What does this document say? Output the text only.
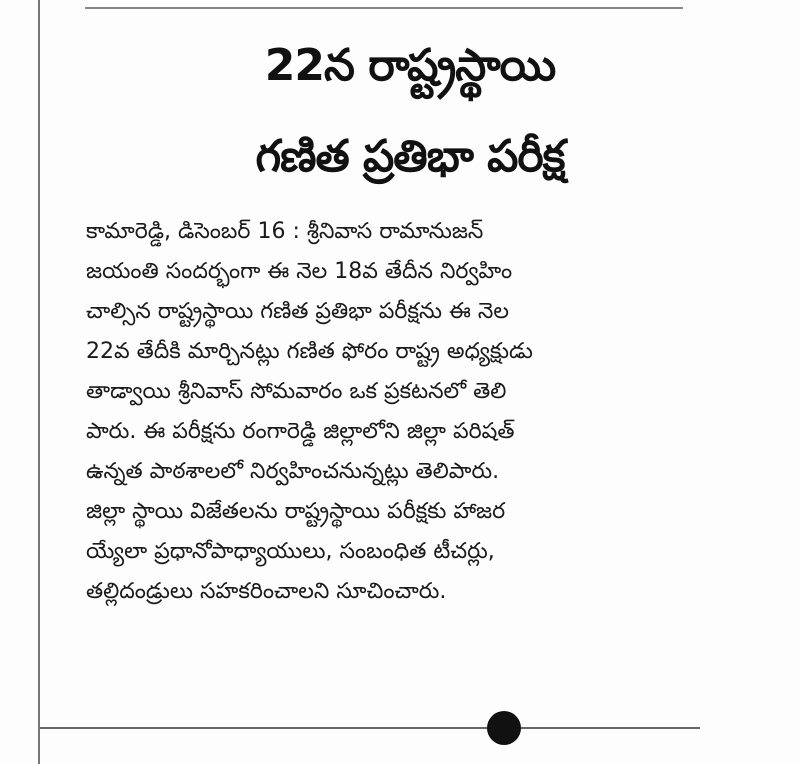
22న రాష్ట్రస్థాయి
గణిత ప్రతిభా పరీక్ష

కామారెడ్డి, డిసెంబర్ 16 : శ్రీనివాస రామానుజన్
జయంతి సందర్భంగా ఈ నెల 18వ తేదీన నిర్వహిం
చాల్సిన రాష్ట్రస్థాయి గణిత ప్రతిభా పరీక్షను ఈ నెల
22వ తేదీకి మార్చినట్లు గణిత ఫోరం రాష్ట్ర అధ్యక్షుడు
తాడ్వాయి శ్రీనివాస్ సోమవారం ఒక ప్రకటనలో తెలి
పారు. ఈ పరీక్షను రంగారెడ్డి జిల్లాలోని జిల్లా పరిషత్
ఉన్నత పాఠశాలలో నిర్వహించనున్నట్లు తెలిపారు.
జిల్లా స్థాయి విజేతలను రాష్ట్రస్థాయి పరీక్షకు హాజర
య్యేలా ప్రధానోపాధ్యాయులు, సంబంధిత టీచర్లు,
తల్లిదండ్రులు సహకరించాలని సూచించారు.
